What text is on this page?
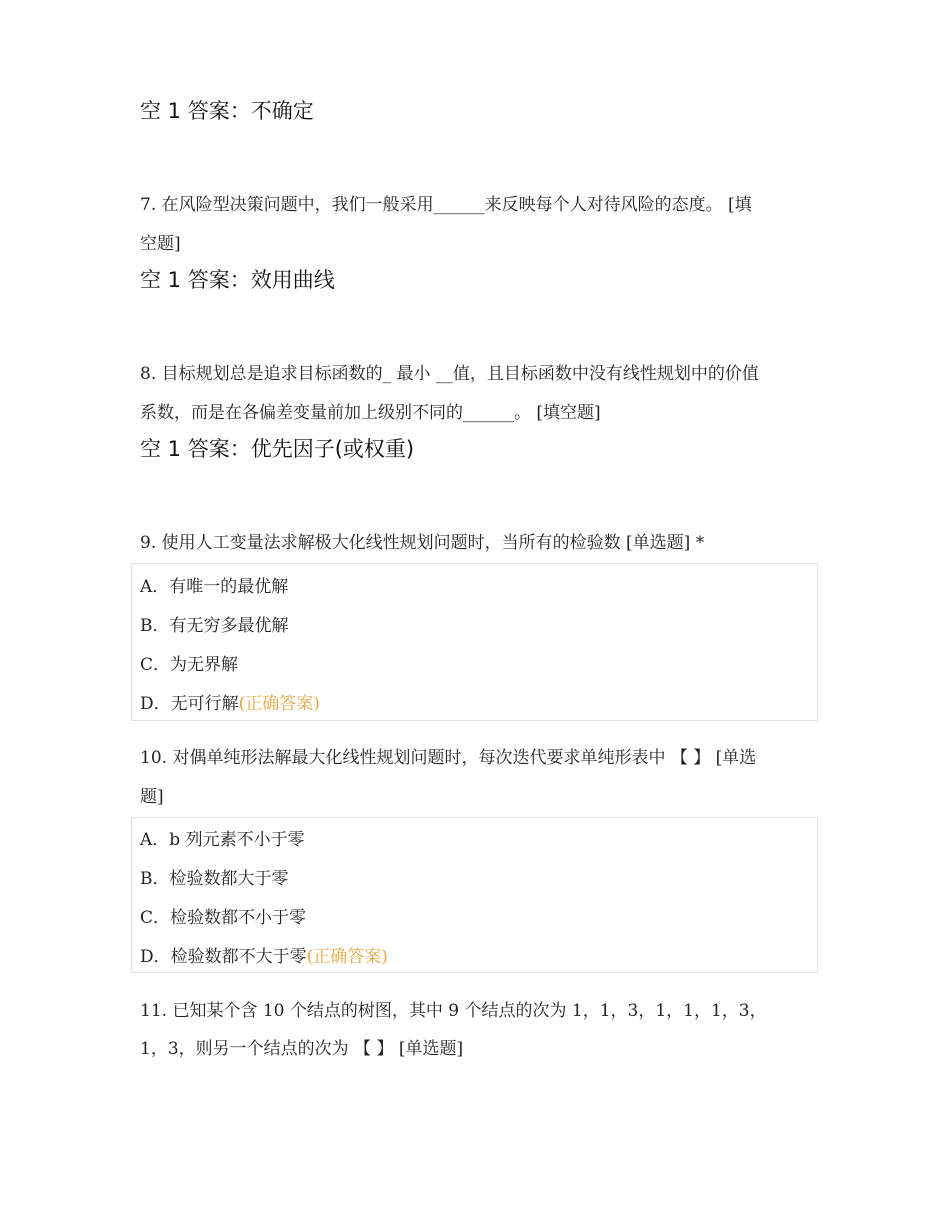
空 1 答案：不确定
7. 在风险型决策问题中，我们一般采用______来反映每个人对待风险的态度。 [填
空题]
空 1 答案：效用曲线
8. 目标规划总是追求目标函数的_ 最小 __值，且目标函数中没有线性规划中的价值
系数，而是在各偏差变量前加上级别不同的______。 [填空题]
空 1 答案：优先因子(或权重)
9. 使用人工变量法求解极大化线性规划问题时，当所有的检验数 [单选题] *
A．有唯一的最优解
B．有无穷多最优解
C．为无界解
D．无可行解(正确答案)
10. 对偶单纯形法解最大化线性规划问题时，每次迭代要求单纯形表中 【 】 [单选
题]
A．b 列元素不小于零
B．检验数都大于零
C．检验数都不小于零
D．检验数都不大于零(正确答案)
11. 已知某个含 10 个结点的树图，其中 9 个结点的次为 1，1，3，1，1，1，3，
1，3，则另一个结点的次为 【 】 [单选题]
